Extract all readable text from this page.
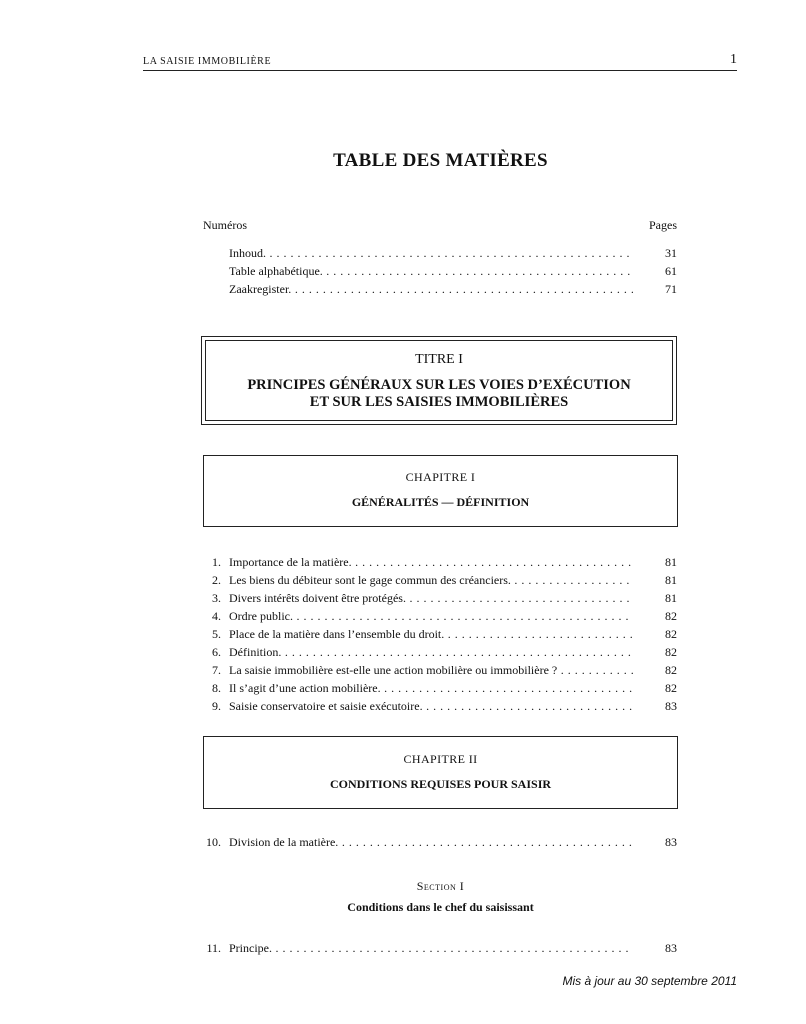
LA SAISIE IMMOBILIÈRE	1
TABLE DES MATIÈRES
Numéros	Pages
Inhoud. . . .	31
Table alphabétique. . . .	61
Zaakregister. . . .	71
TITRE I
PRINCIPES GÉNÉRAUX SUR LES VOIES D’EXÉCUTION
ET SUR LES SAISIES IMMOBILIÈRES
CHAPITRE I
GÉNÉRALITÉS — DÉFINITION
1. Importance de la matière. . . .	81
2. Les biens du débiteur sont le gage commun des créanciers. . . .	81
3. Divers intérêts doivent être protégés. . . .	81
4. Ordre public. . . .	82
5. Place de la matière dans l’ensemble du droit. . . .	82
6. Définition. . . .	82
7. La saisie immobilière est-elle une action mobilière ou immobilière ? . . .	82
8. Il s’agit d’une action mobilière. . . .	82
9. Saisie conservatoire et saisie exécutoire. . . .	83
CHAPITRE II
CONDITIONS REQUISES POUR SAISIR
10. Division de la matière. . . .	83
Section I
Conditions dans le chef du saisissant
11. Principe. . . .	83
Mis à jour au 30 septembre 2011
